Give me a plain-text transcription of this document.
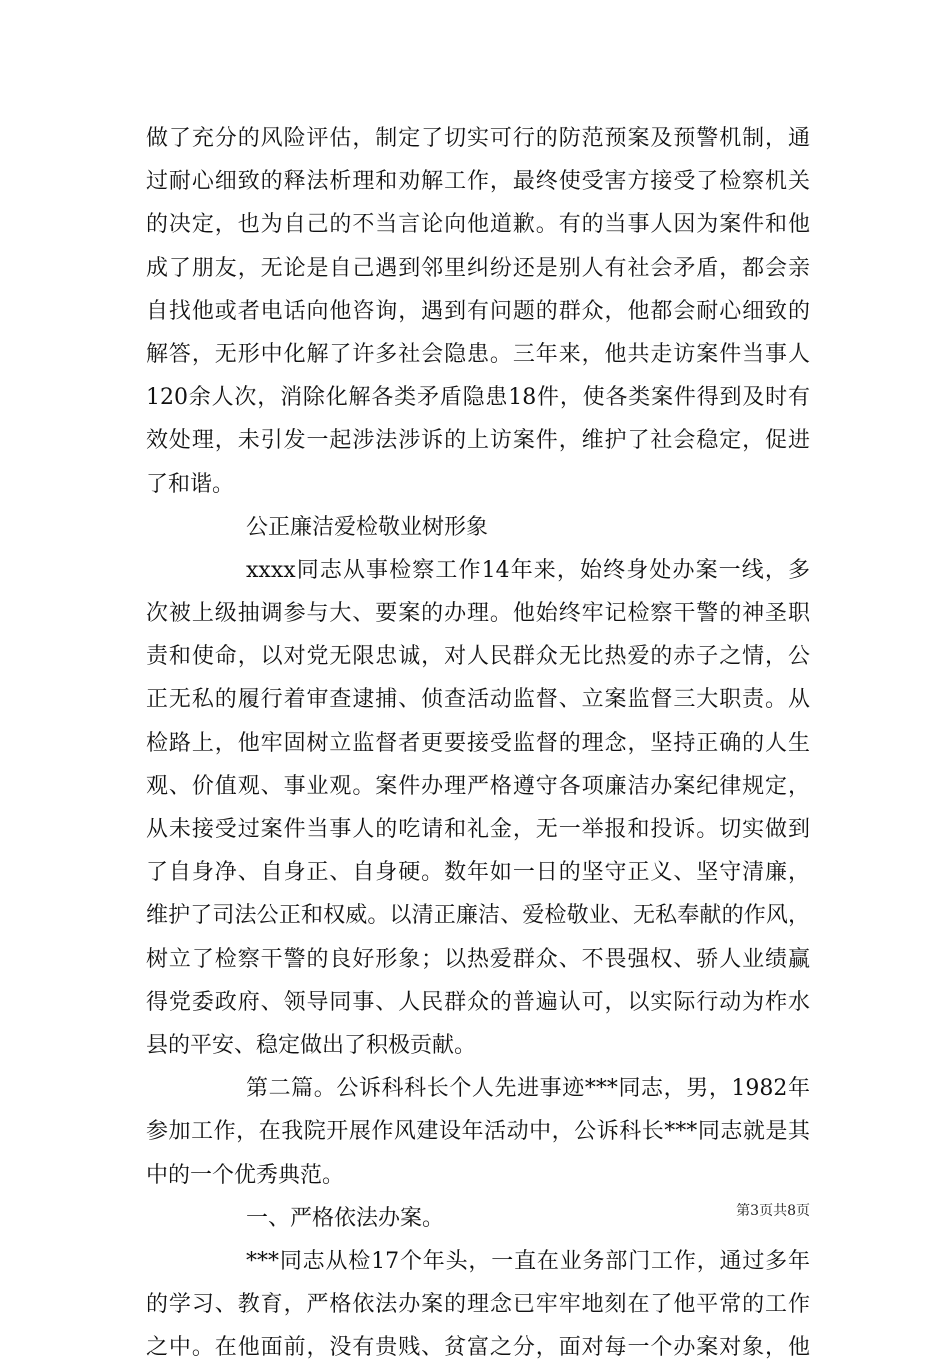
做了充分的风险评估，制定了切实可行的防范预案及预警机制，通
过耐心细致的释法析理和劝解工作，最终使受害方接受了检察机关
的决定，也为自己的不当言论向他道歉。有的当事人因为案件和他
成了朋友，无论是自己遇到邻里纠纷还是别人有社会矛盾，都会亲
自找他或者电话向他咨询，遇到有问题的群众，他都会耐心细致的
解答，无形中化解了许多社会隐患。三年来，他共走访案件当事人
120余人次，消除化解各类矛盾隐患18件，使各类案件得到及时有
效处理，未引发一起涉法涉诉的上访案件，维护了社会稳定，促进
了和谐。
公正廉洁爱检敬业树形象
xxxx同志从事检察工作14年来，始终身处办案一线，多
次被上级抽调参与大、要案的办理。他始终牢记检察干警的神圣职
责和使命，以对党无限忠诚，对人民群众无比热爱的赤子之情，公
正无私的履行着审查逮捕、侦查活动监督、立案监督三大职责。从
检路上，他牢固树立监督者更要接受监督的理念，坚持正确的人生
观、价值观、事业观。案件办理严格遵守各项廉洁办案纪律规定，
从未接受过案件当事人的吃请和礼金，无一举报和投诉。切实做到
了自身净、自身正、自身硬。数年如一日的坚守正义、坚守清廉，
维护了司法公正和权威。以清正廉洁、爱检敬业、无私奉献的作风，
树立了检察干警的良好形象；以热爱群众、不畏强权、骄人业绩赢
得党委政府、领导同事、人民群众的普遍认可，以实际行动为柞水
县的平安、稳定做出了积极贡献。
第二篇。公诉科科长个人先进事迹***同志，男，1982年
参加工作，在我院开展作风建设年活动中，公诉科长***同志就是其
中的一个优秀典范。
一、严格依法办案。
***同志从检17个年头，一直在业务部门工作，通过多年
的学习、教育，严格依法办案的理念已牢牢地刻在了他平常的工作
之中。在他面前，没有贵贱、贫富之分，面对每一个办案对象，他
第3页共8页
